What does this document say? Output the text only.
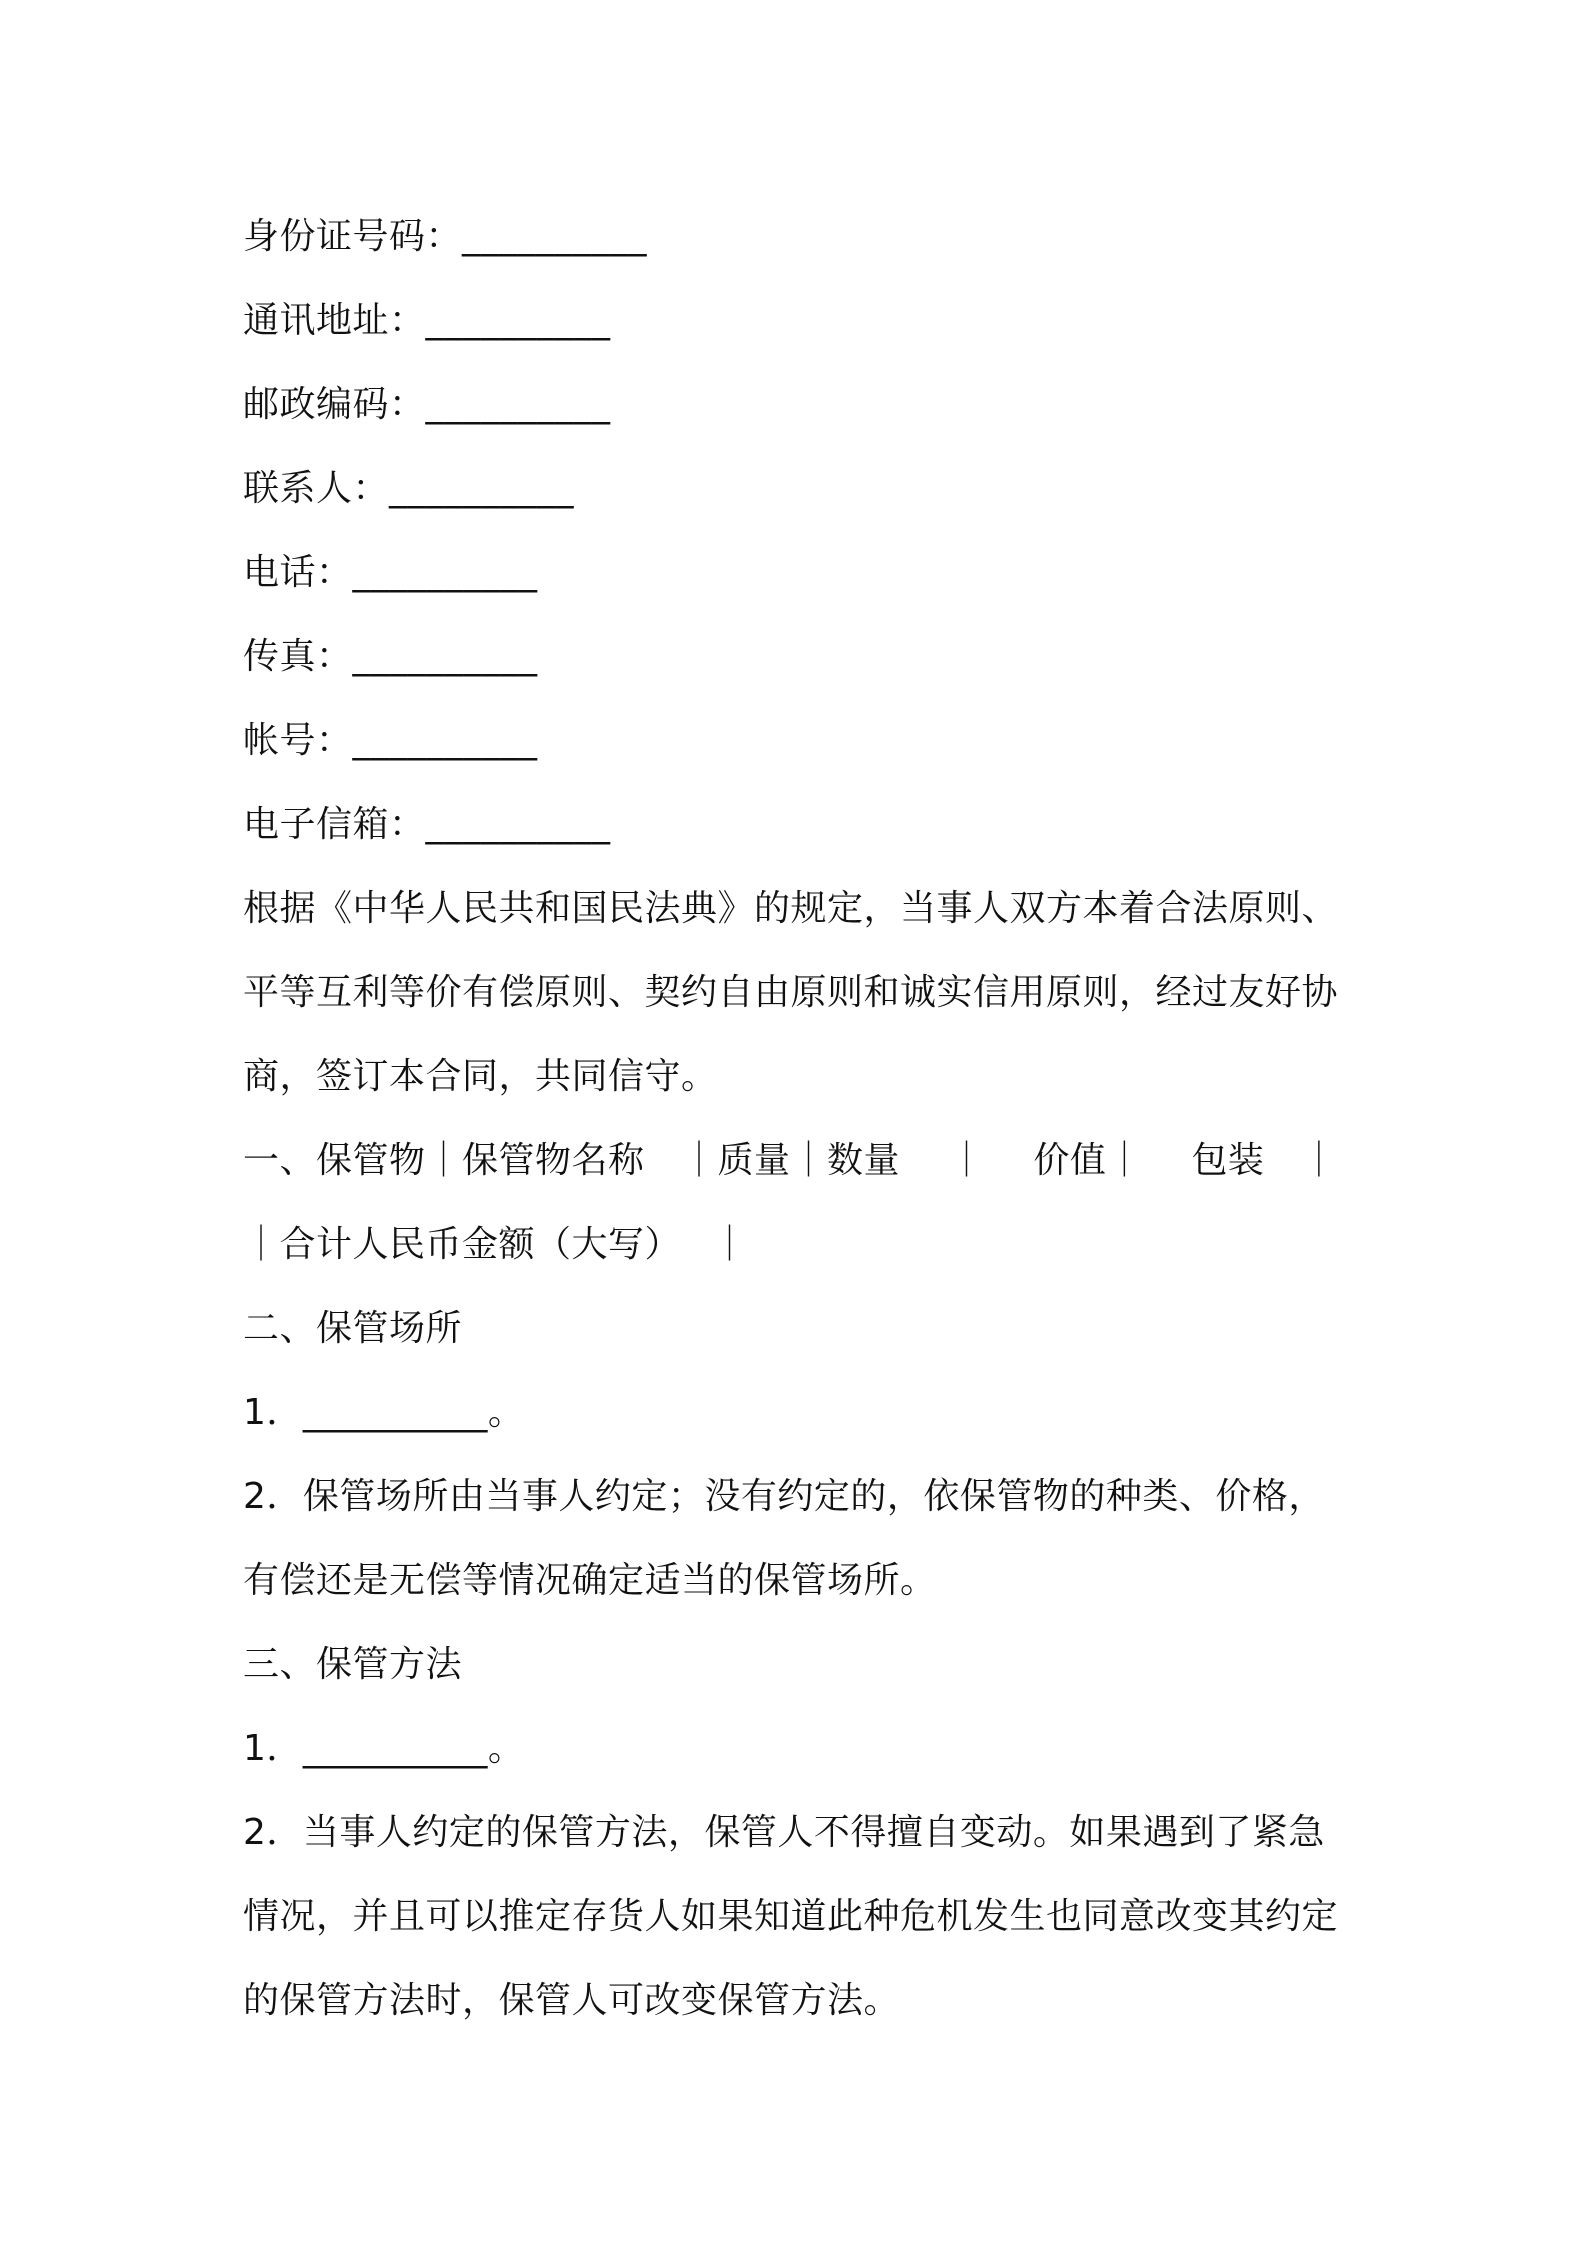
身份证号码：__________
通讯地址：__________
邮政编码：__________
联系人：__________
电话：__________
传真：__________
帐号：__________
电子信箱：__________
根据《中华人民共和国民法典》的规定，当事人双方本着合法原则、
平等互利等价有偿原则、契约自由原则和诚实信用原则，经过友好协
商，签订本合同，共同信守。
一、保管物｜保管物名称　｜质量｜数量　 ｜　 价值｜　 包装　｜
｜合计人民币金额（大写）　 ｜
二、保管场所
1．__________。
2．保管场所由当事人约定；没有约定的，依保管物的种类、价格，
有偿还是无偿等情况确定适当的保管场所。
三、保管方法
1．__________。
2．当事人约定的保管方法，保管人不得擅自变动。如果遇到了紧急
情况，并且可以推定存货人如果知道此种危机发生也同意改变其约定
的保管方法时，保管人可改变保管方法。
